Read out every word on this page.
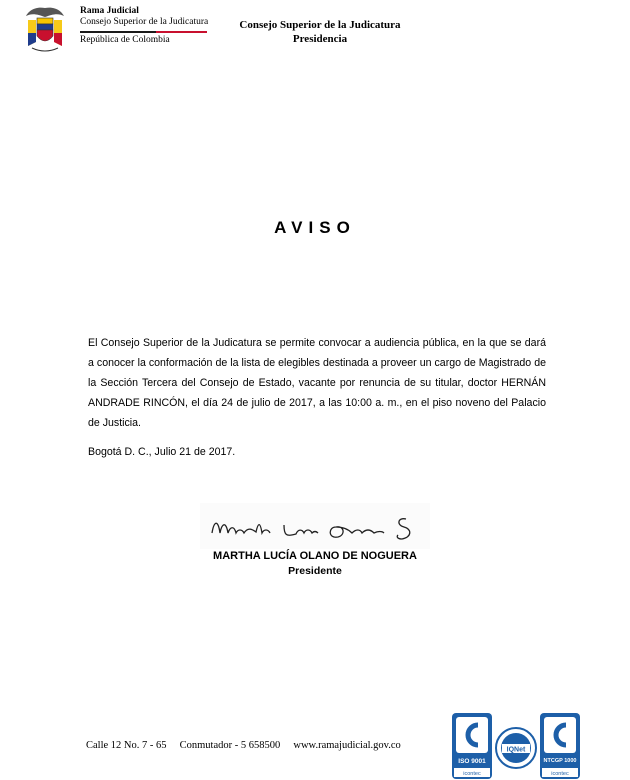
Rama Judicial
Consejo Superior de la Judicatura
República de Colombia
Consejo Superior de la Judicatura
Presidencia
AVISO

El Consejo Superior de la Judicatura se permite convocar a audiencia pública, en la que se dará a conocer la conformación de la lista de elegibles destinada a proveer un cargo de Magistrado de la Sección Tercera del Consejo de Estado, vacante por renuncia de su titular, doctor HERNÁN ANDRADE RINCÓN, el día 24 de julio de 2017, a las 10:00 a. m., en el piso noveno del Palacio de Justicia.

Bogotá D. C., Julio 21 de 2017.
MARTHA LUCÍA OLANO DE NOGUERA
Presidente
Calle 12 No. 7 - 65 Conmutador - 5 658500 www.ramajudicial.gov.co
ISO 9001
icontec
IQNet
NTCGP 1000
icontec
